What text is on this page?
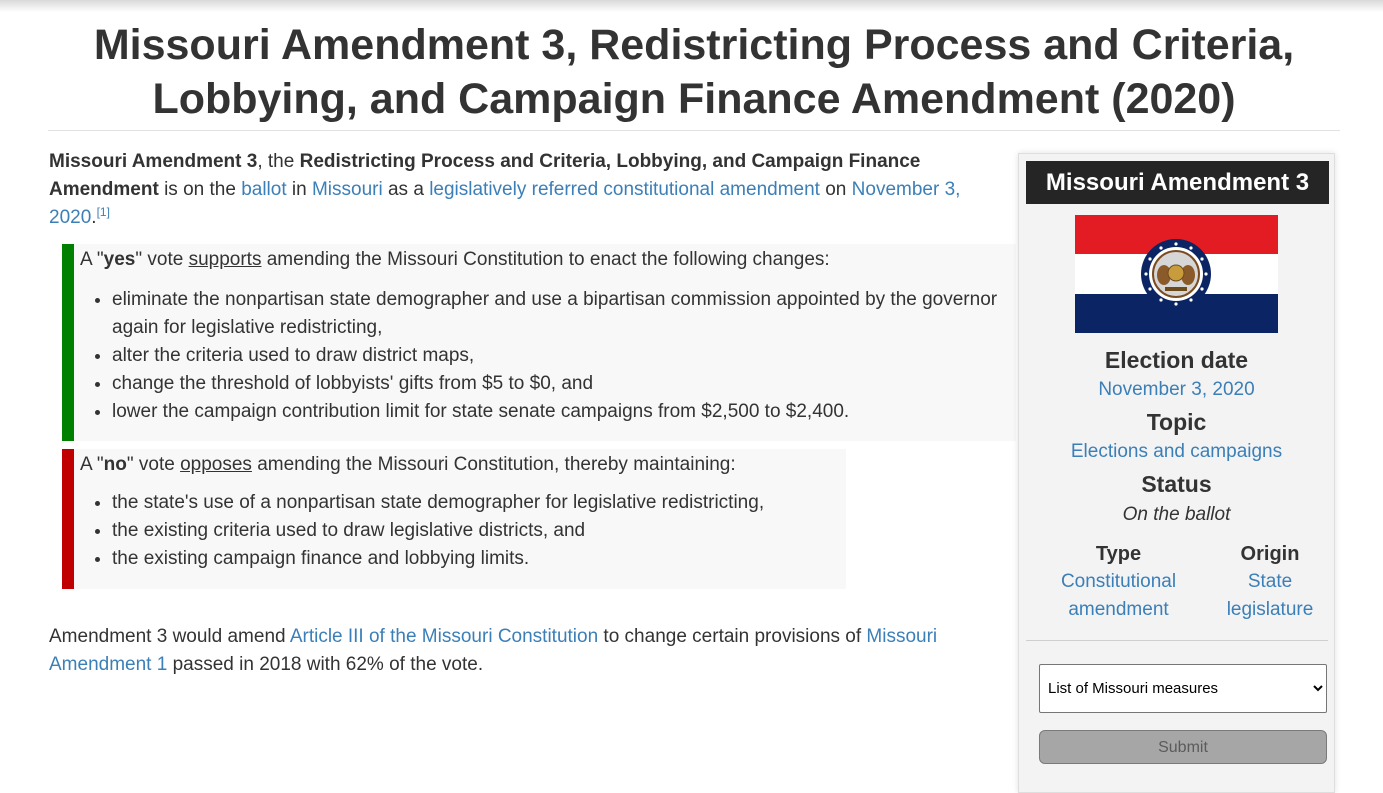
Missouri Amendment 3, Redistricting Process and Criteria, Lobbying, and Campaign Finance Amendment (2020)
Missouri Amendment 3, the Redistricting Process and Criteria, Lobbying, and Campaign Finance Amendment is on the ballot in Missouri as a legislatively referred constitutional amendment on November 3, 2020.[1]
A "yes" vote supports amending the Missouri Constitution to enact the following changes:
• eliminate the nonpartisan state demographer and use a bipartisan commission appointed by the governor again for legislative redistricting,
• alter the criteria used to draw district maps,
• change the threshold of lobbyists' gifts from $5 to $0, and
• lower the campaign contribution limit for state senate campaigns from $2,500 to $2,400.
A "no" vote opposes amending the Missouri Constitution, thereby maintaining:
• the state's use of a nonpartisan state demographer for legislative redistricting,
• the existing criteria used to draw legislative districts, and
• the existing campaign finance and lobbying limits.
Amendment 3 would amend Article III of the Missouri Constitution to change certain provisions of Missouri Amendment 1 passed in 2018 with 62% of the vote.
Missouri Amendment 3
Election date
November 3, 2020
Topic
Elections and campaigns
Status
On the ballot
Type
Constitutional
amendment
Origin
State
legislature
List of Missouri measures
Submit
